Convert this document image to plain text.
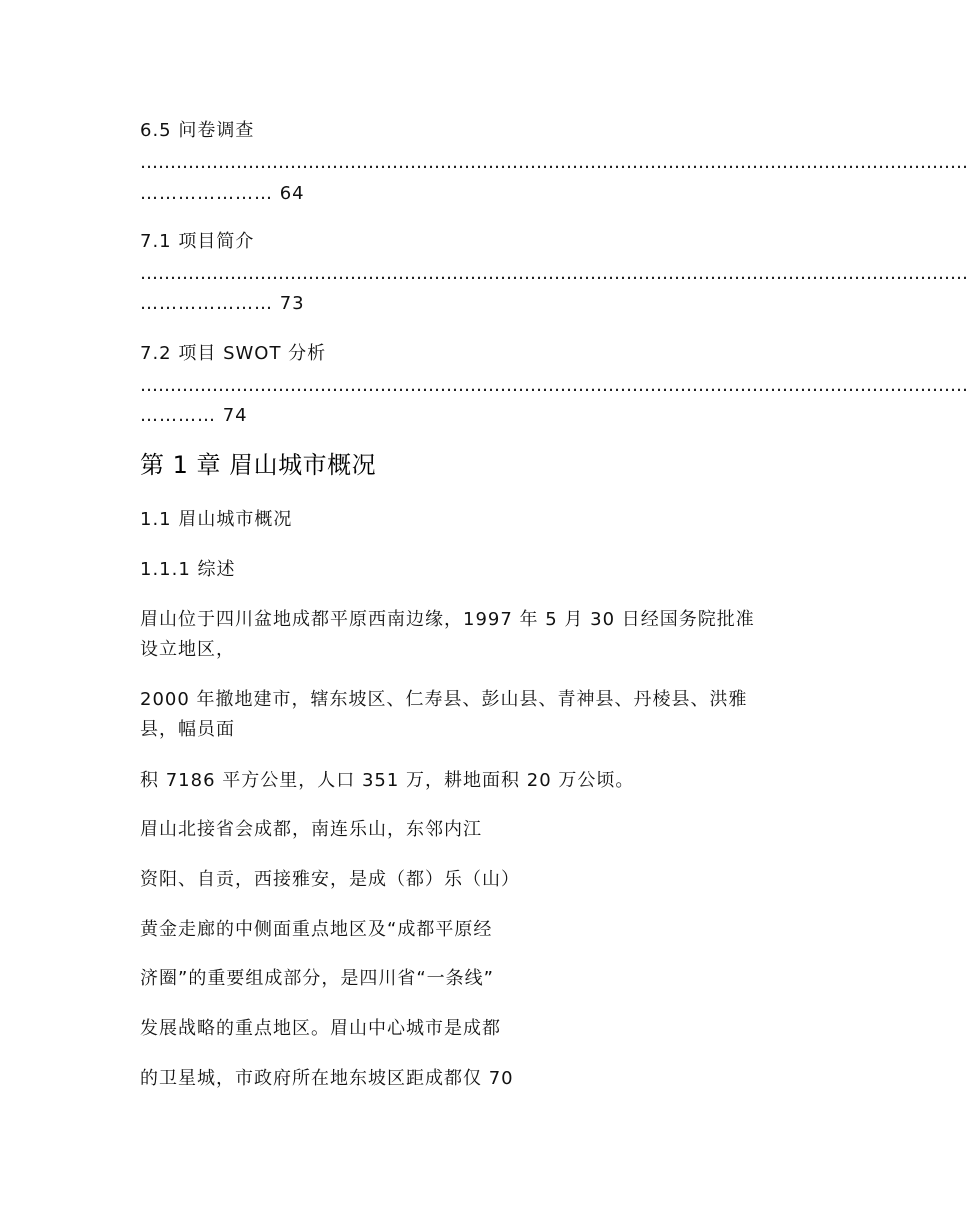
6.5 问卷调查
…………………………………………………………………………………………………………………………
………………… 64
7.1 项目简介
…………………………………………………………………………………………………………………………
………………… 73
7.2 项目 SWOT 分析
…………………………………………………………………………………………………………………………
………… 74
第 1 章 眉山城市概况
1.1 眉山城市概况
1.1.1 综述
眉山位于四川盆地成都平原西南边缘，1997 年 5 月 30 日经国务院批准
设立地区，
2000 年撤地建市，辖东坡区、仁寿县、彭山县、青神县、丹棱县、洪雅
县，幅员面
积 7186 平方公里，人口 351 万，耕地面积 20 万公顷。
眉山北接省会成都，南连乐山，东邻内江
资阳、自贡，西接雅安，是成（都）乐（山）
黄金走廊的中侧面重点地区及“成都平原经
济圈”的重要组成部分，是四川省“一条线”
发展战略的重点地区。眉山中心城市是成都
的卫星城，市政府所在地东坡区距成都仅 70
